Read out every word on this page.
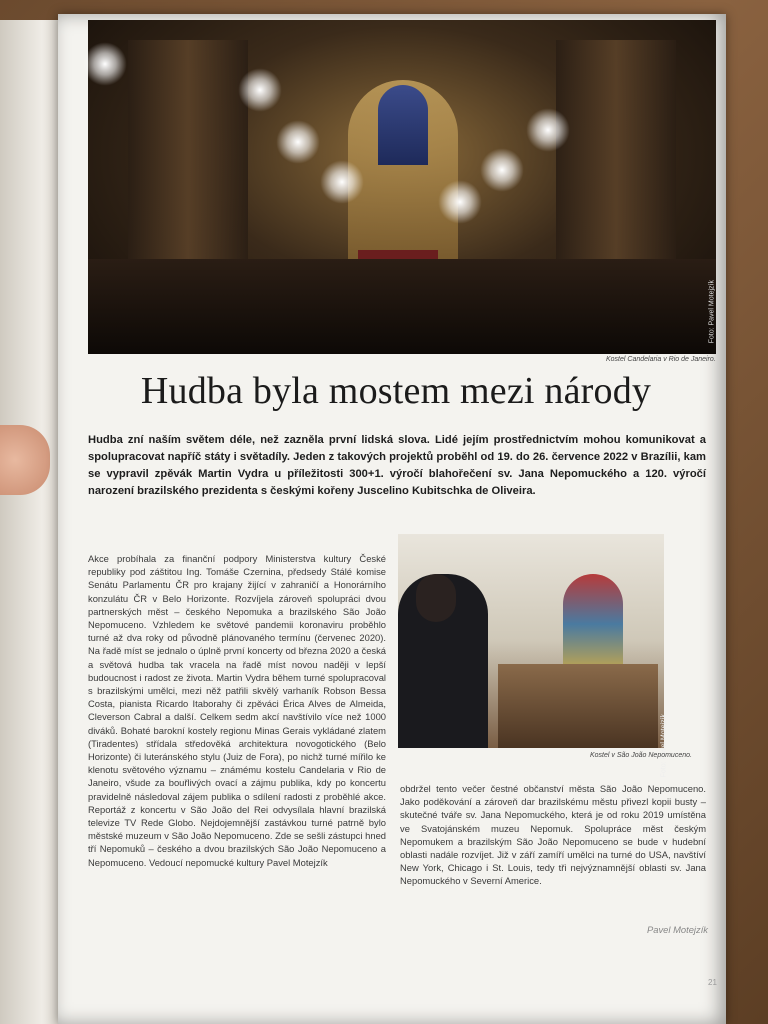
Foto: Pavel Motejzík
Kostel Candelaria v Rio de Janeiro.
Hudba byla mostem mezi národy

Hudba zní naším světem déle, než zazněla první lidská slova. Lidé jejím prostřednictvím mohou komunikovat a spolupracovat napříč státy i světadíly. Jeden z takových projektů proběhl od 19. do 26. července 2022 v Brazílii, kam se vypravil zpěvák Martin Vydra u příležitosti 300+1. výročí blahořečení sv. Jana Nepomuckého a 120. výročí narození brazilského prezidenta s českými kořeny Juscelino Kubitschka de Oliveira.

Akce probíhala za finanční podpory Ministerstva kultury České republiky pod záštitou Ing. Tomáše Czernina, předsedy Stálé komise Senátu Parlamentu ČR pro krajany žijící v zahraničí a Honorárního konzulátu ČR v Belo Horizonte. Rozvíjela zároveň spolupráci dvou partnerských měst – českého Nepomuka a brazilského São João Nepomuceno. Vzhledem ke světové pandemii koronaviru proběhlo turné až dva roky od původně plánovaného termínu (červenec 2020). Na řadě míst se jednalo o úplně první koncerty od března 2020 a česká a světová hudba tak vracela na řadě míst novou naději v lepší budoucnost i radost ze života. Martin Vydra během turné spolupracoval s brazilskými umělci, mezi něž patřili skvělý varhaník Robson Bessa Costa, pianista Ricardo Itaborahy či zpěváci Érica Alves de Almeida, Cleverson Cabral a další. Celkem sedm akcí navštívilo více než 1000 diváků. Bohaté barokní kostely regionu Minas Gerais vykládané zlatem (Tiradentes) střídala středověká architektura novogotického (Belo Horizonte) či luteránského stylu (Juiz de Fora), po nichž turné mířilo ke klenotu světového významu – známému kostelu Candelaria v Rio de Janeiro, všude za bouřlivých ovací a zájmu publika, kdy po koncertu pravidelně následoval zájem publika o sdílení radosti z proběhlé akce. Reportáž z koncertu v São João del Rei odvysílala hlavní brazilská televize TV Rede Globo. Nejdojemnější zastávkou turné patrně bylo městské muzeum v São João Nepomuceno. Zde se sešli zástupci hned tří Nepomuků – českého a dvou brazilských São João Nepomuceno a Nepomuceno. Vedoucí nepomucké kultury Pavel Motejzík

Foto: Pavel Motejzík
Kostel v São João Nepomuceno.

obdržel tento večer čestné občanství města São João Nepomuceno. Jako poděkování a zároveň dar brazilskému městu přivezl kopii busty – skutečné tváře sv. Jana Nepomuckého, která je od roku 2019 umístěna ve Svatojánském muzeu Nepomuk. Spolupráce měst českým Nepomukem a brazilským São João Nepomuceno se bude v hudební oblasti nadále rozvíjet. Již v září zamíří umělci na turné do USA, navštíví New York, Chicago i St. Louis, tedy tři nejvýznamnější oblasti sv. Jana Nepomuckého v Severní Americe.

Pavel Motejzík
21
